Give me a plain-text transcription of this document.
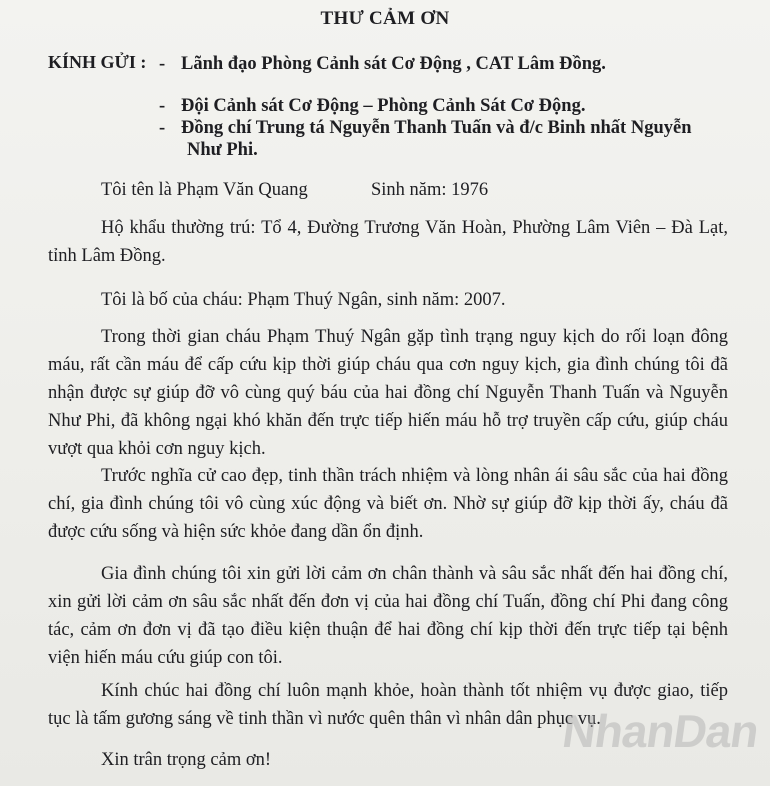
THƯ CẢM ƠN
KÍNH GỬI : - Lãnh đạo Phòng Cảnh sát Cơ Động , CAT Lâm Đồng.
- Đội Cảnh sát Cơ Động – Phòng Cảnh Sát Cơ Động.
- Đồng chí Trung tá Nguyễn Thanh Tuấn và đ/c Binh nhất Nguyễn
Như Phi.
Tôi tên là Phạm Văn Quang	Sinh năm: 1976
Hộ khẩu thường trú: Tổ 4, Đường Trương Văn Hoàn, Phường Lâm Viên – Đà Lạt, tỉnh Lâm Đồng.
Tôi là bố của cháu: Phạm Thuý Ngân, sinh năm: 2007.
Trong thời gian cháu Phạm Thuý Ngân gặp tình trạng nguy kịch do rối loạn đông máu, rất cần máu để cấp cứu kịp thời giúp cháu qua cơn nguy kịch, gia đình chúng tôi đã nhận được sự giúp đỡ vô cùng quý báu của hai đồng chí Nguyễn Thanh Tuấn và Nguyễn Như Phi, đã không ngại khó khăn đến trực tiếp hiến máu hỗ trợ truyền cấp cứu, giúp cháu vượt qua khỏi cơn nguy kịch.
Trước nghĩa cử cao đẹp, tinh thần trách nhiệm và lòng nhân ái sâu sắc của hai đồng chí, gia đình chúng tôi vô cùng xúc động và biết ơn. Nhờ sự giúp đỡ kịp thời ấy, cháu đã được cứu sống và hiện sức khỏe đang dần ổn định.
Gia đình chúng tôi xin gửi lời cảm ơn chân thành và sâu sắc nhất đến hai đồng chí, xin gửi lời cảm ơn sâu sắc nhất đến đơn vị của hai đồng chí Tuấn, đồng chí Phi đang công tác, cảm ơn đơn vị đã tạo điều kiện thuận để hai đồng chí kịp thời đến trực tiếp tại bệnh viện hiến máu cứu giúp con tôi.
Kính chúc hai đồng chí luôn mạnh khỏe, hoàn thành tốt nhiệm vụ được giao, tiếp tục là tấm gương sáng về tinh thần vì nước quên thân vì nhân dân phục vụ.
Xin trân trọng cảm ơn!
NhanDan
